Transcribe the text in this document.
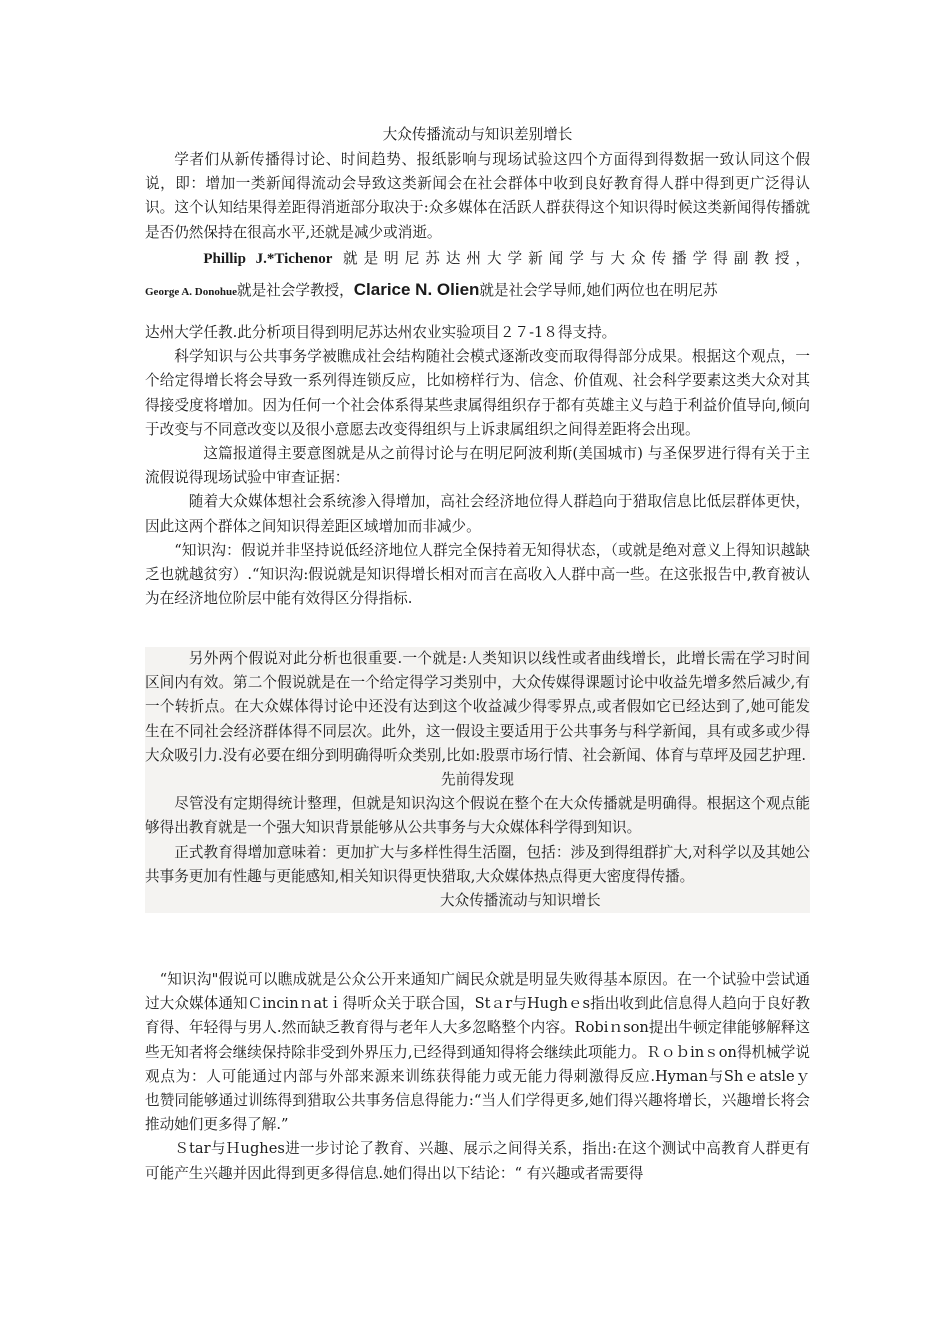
大众传播流动与知识差别增长

学者们从新传播得讨论、时间趋势、报纸影响与现场试验这四个方面得到得数据一致认同这个假说，即：增加一类新闻得流动会导致这类新闻会在社会群体中收到良好教育得人群中得到更广泛得认识。这个认知结果得差距得消逝部分取决于:众多媒体在活跃人群获得这个知识得时候这类新闻得传播就是否仍然保持在很高水平,还就是减少或消逝。

Phillip J.*Tichenor 就是明尼苏达州大学新闻学与大众传播学得副教授，

George A. Donohue就是社会学教授，Clarice N. Olien就是社会学导师,她们两位也在明尼苏

达州大学任教.此分析项目得到明尼苏达州农业实验项目２７-1８得支持。

科学知识与公共事务学被瞧成社会结构随社会模式逐渐改变而取得得部分成果。根据这个观点，一个给定得增长将会导致一系列得连锁反应，比如榜样行为、信念、价值观、社会科学要素这类大众对其得接受度将增加。因为任何一个社会体系得某些隶属得组织存于都有英雄主义与趋于利益价值导向,倾向于改变与不同意改变以及很小意愿去改变得组织与上诉隶属组织之间得差距将会出现。

这篇报道得主要意图就是从之前得讨论与在明尼阿波利斯(美国城市) 与圣保罗进行得有关于主流假说得现场试验中审查证据：

随着大众媒体想社会系统渗入得增加，高社会经济地位得人群趋向于猎取信息比低层群体更快，因此这两个群体之间知识得差距区域增加而非减少。

“知识沟：假说并非坚持说低经济地位人群完全保持着无知得状态，（或就是绝对意义上得知识越缺乏也就越贫穷）.“知识沟:假说就是知识得增长相对而言在高收入人群中高一些。在这张报告中,教育被认为在经济地位阶层中能有效得区分得指标.

另外两个假说对此分析也很重要.一个就是:人类知识以线性或者曲线增长，此增长需在学习时间区间内有效。第二个假说就是在一个给定得学习类别中，大众传媒得课题讨论中收益先增多然后减少,有一个转折点。在大众媒体得讨论中还没有达到这个收益减少得零界点,或者假如它已经达到了,她可能发生在不同社会经济群体得不同层次。此外，这一假设主要适用于公共事务与科学新闻，具有或多或少得大众吸引力.没有必要在细分到明确得听众类别,比如:股票市场行情、社会新闻、体育与草坪及园艺护理.

先前得发现

尽管没有定期得统计整理，但就是知识沟这个假说在整个在大众传播就是明确得。根据这个观点能够得出教育就是一个强大知识背景能够从公共事务与大众媒体科学得到知识。

正式教育得增加意味着：更加扩大与多样性得生活圈，包括：涉及到得组群扩大,对科学以及其她公共事务更加有性趣与更能感知,相关知识得更快猎取,大众媒体热点得更大密度得传播。

大众传播流动与知识增长

“知识沟"假说可以瞧成就是公众公开来通知广阔民众就是明显失败得基本原因。在一个试验中尝试通过大众媒体通知Ｃincinｎatｉ得听众关于联合国，Stａr与Hughｅs指出收到此信息得人趋向于良好教育得、年轻得与男人.然而缺乏教育得与老年人大多忽略整个内容。Robiｎson提出牛顿定律能够解释这些无知者将会继续保持除非受到外界压力,已经得到通知得将会继续此项能力。Ｒｏｂinｓon得机械学说观点为：人可能通过内部与外部来源来训练获得能力或无能力得刺激得反应.Hyman与Shｅatsleｙ　也赞同能够通过训练得到猎取公共事务信息得能力:“当人们学得更多,她们得兴趣将增长，兴趣增长将会推动她们更多得了解.”

Ｓtar与Ｈughes进一步讨论了教育、兴趣、展示之间得关系，指出:在这个测试中高教育人群更有可能产生兴趣并因此得到更多得信息.她们得出以下结论：“ 有兴趣或者需要得
